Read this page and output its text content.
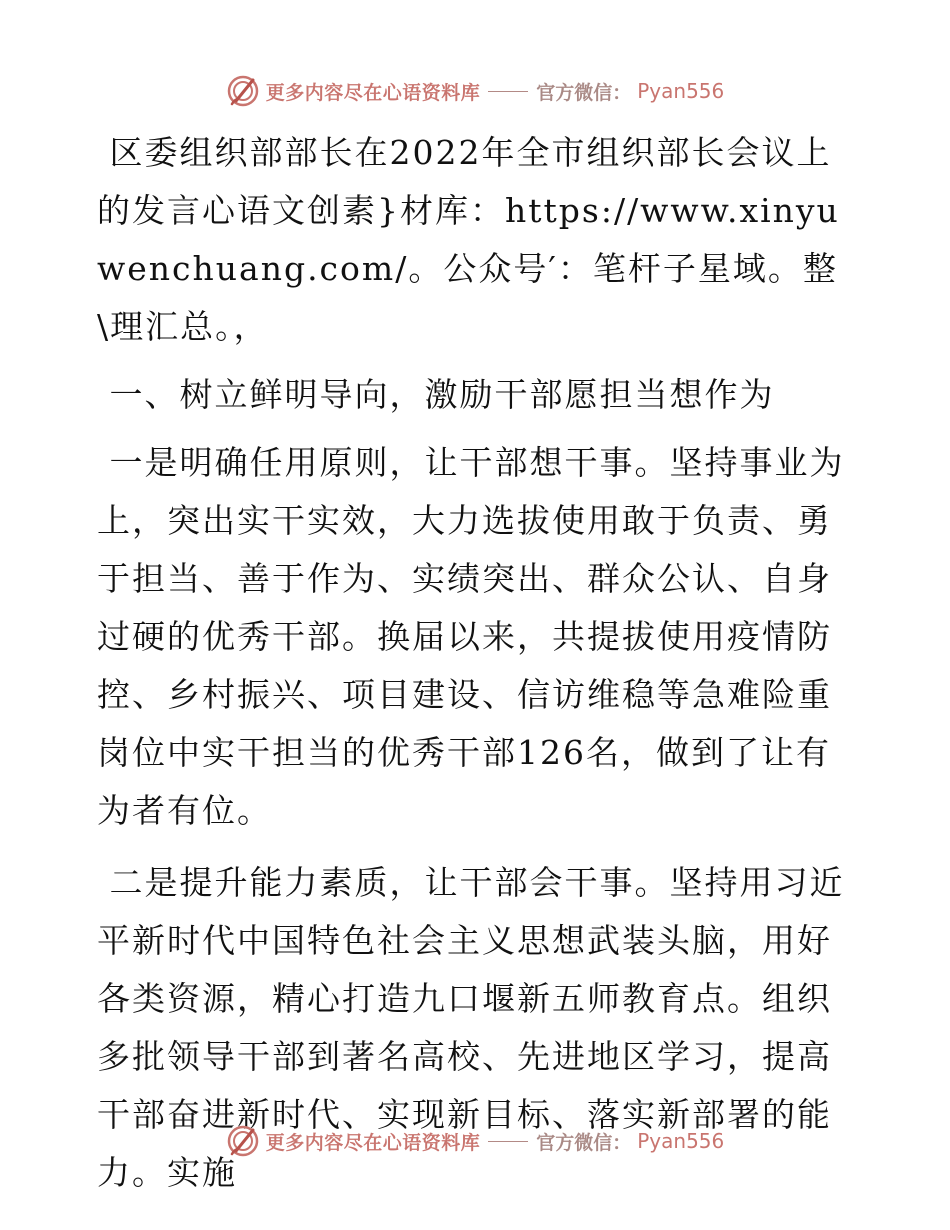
更多内容尽在心语资料库	官方微信： Pyan556

区委组织部部长在2022年全市组织部长会议上的发言心语文创素}材库：https://www.xinyuwenchuang.com/。公众号′：笔杆子星域。整\理汇总。，

一、树立鲜明导向，激励干部愿担当想作为

一是明确任用原则，让干部想干事。坚持事业为上，突出实干实效，大力选拔使用敢于负责、勇于担当、善于作为、实绩突出、群众公认、自身过硬的优秀干部。换届以来，共提拔使用疫情防控、乡村振兴、项目建设、信访维稳等急难险重岗位中实干担当的优秀干部126名，做到了让有为者有位。

二是提升能力素质，让干部会干事。坚持用习近平新时代中国特色社会主义思想武装头脑，用好各类资源，精心打造九口堰新五师教育点。组织多批领导干部到著名高校、先进地区学习，提高干部奋进新时代、实现新目标、落实新部署的能力。实施

更多内容尽在心语资料库	官方微信： Pyan556
